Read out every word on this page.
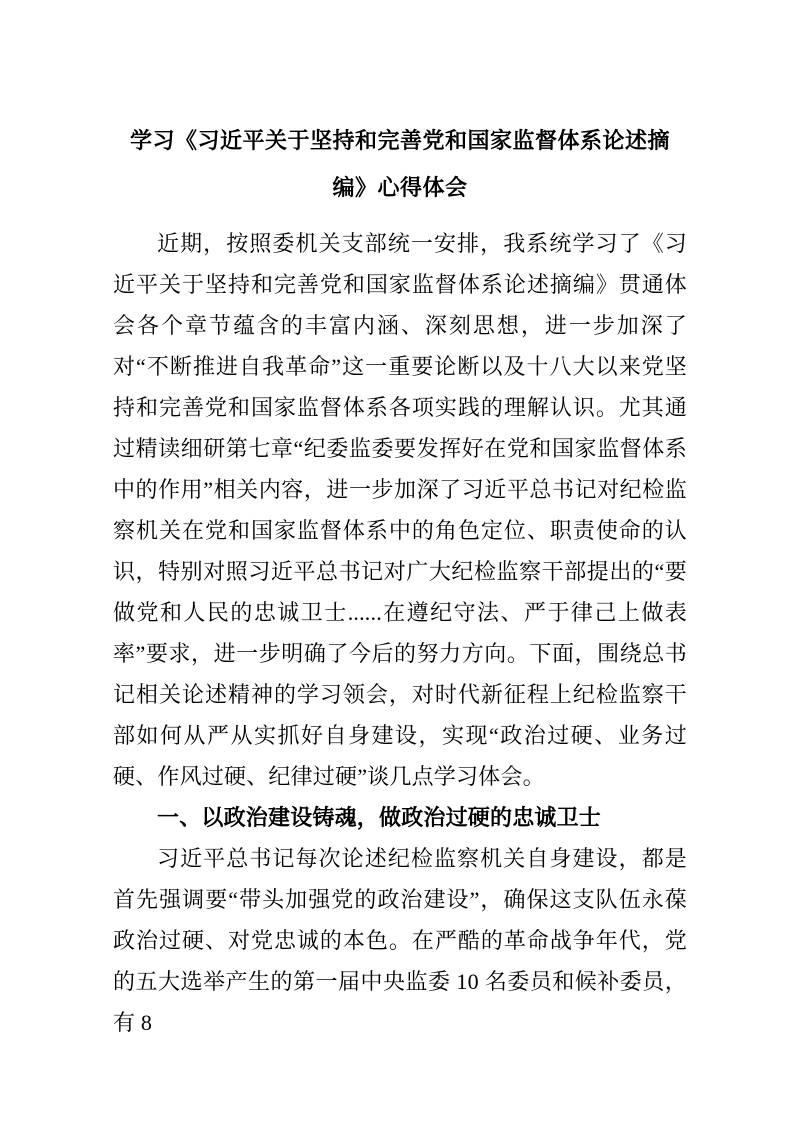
学习《习近平关于坚持和完善党和国家监督体系论述摘编》心得体会

近期，按照委机关支部统一安排，我系统学习了《习近平关于坚持和完善党和国家监督体系论述摘编》贯通体会各个章节蕴含的丰富内涵、深刻思想，进一步加深了对“不断推进自我革命”这一重要论断以及十八大以来党坚持和完善党和国家监督体系各项实践的理解认识。尤其通过精读细研第七章“纪委监委要发挥好在党和国家监督体系中的作用”相关内容，进一步加深了习近平总书记对纪检监察机关在党和国家监督体系中的角色定位、职责使命的认识，特别对照习近平总书记对广大纪检监察干部提出的“要做党和人民的忠诚卫士......在遵纪守法、严于律己上做表率”要求，进一步明确了今后的努力方向。下面，围绕总书记相关论述精神的学习领会，对时代新征程上纪检监察干部如何从严从实抓好自身建设，实现“政治过硬、业务过硬、作风过硬、纪律过硬”谈几点学习体会。

一、以政治建设铸魂，做政治过硬的忠诚卫士

习近平总书记每次论述纪检监察机关自身建设，都是首先强调要“带头加强党的政治建设”，确保这支队伍永葆政治过硬、对党忠诚的本色。在严酷的革命战争年代，党的五大选举产生的第一届中央监委 10 名委员和候补委员，有 8
